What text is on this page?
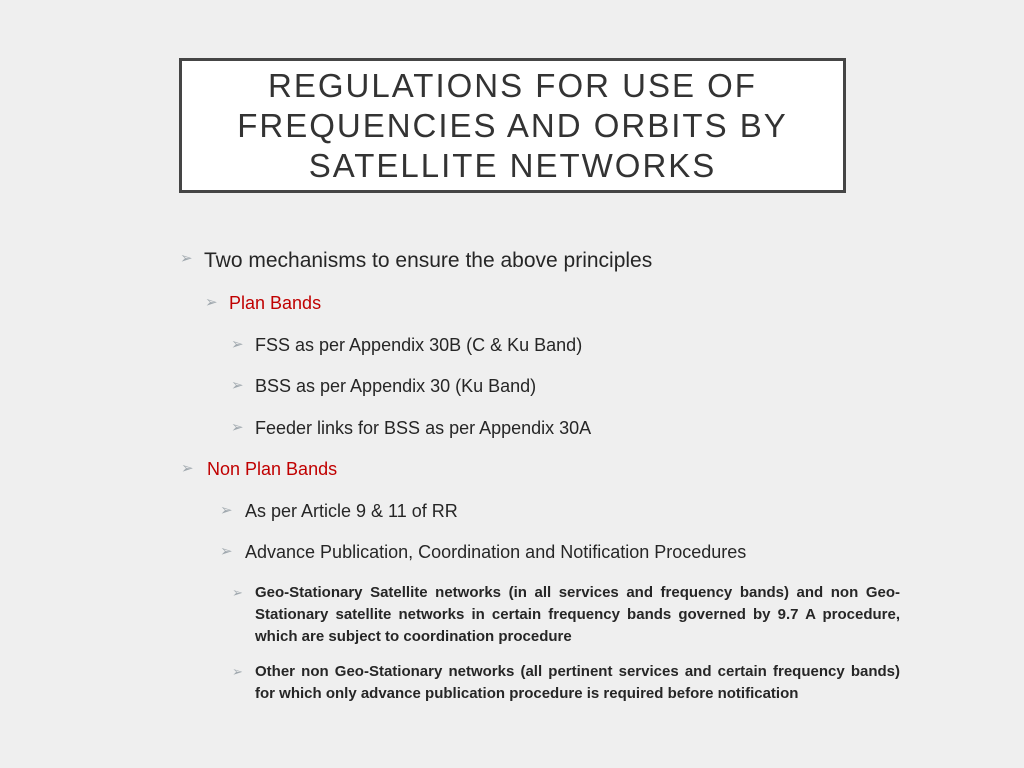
REGULATIONS FOR USE OF FREQUENCIES AND ORBITS BY SATELLITE NETWORKS
➢ Two mechanisms to ensure the above principles
➢ Plan Bands
➢ FSS as per Appendix 30B (C & Ku Band)
➢ BSS as per Appendix 30 (Ku Band)
➢ Feeder links for BSS as per Appendix 30A
➢ Non Plan Bands
➢ As per Article 9 & 11 of RR
➢ Advance Publication, Coordination and Notification Procedures
➢ Geo-Stationary Satellite networks (in all services and frequency bands) and non Geo-Stationary satellite networks in certain frequency bands governed by 9.7 A procedure, which are subject to coordination procedure
➢ Other non Geo-Stationary networks (all pertinent services and certain frequency bands) for which only advance publication procedure is required before notification
